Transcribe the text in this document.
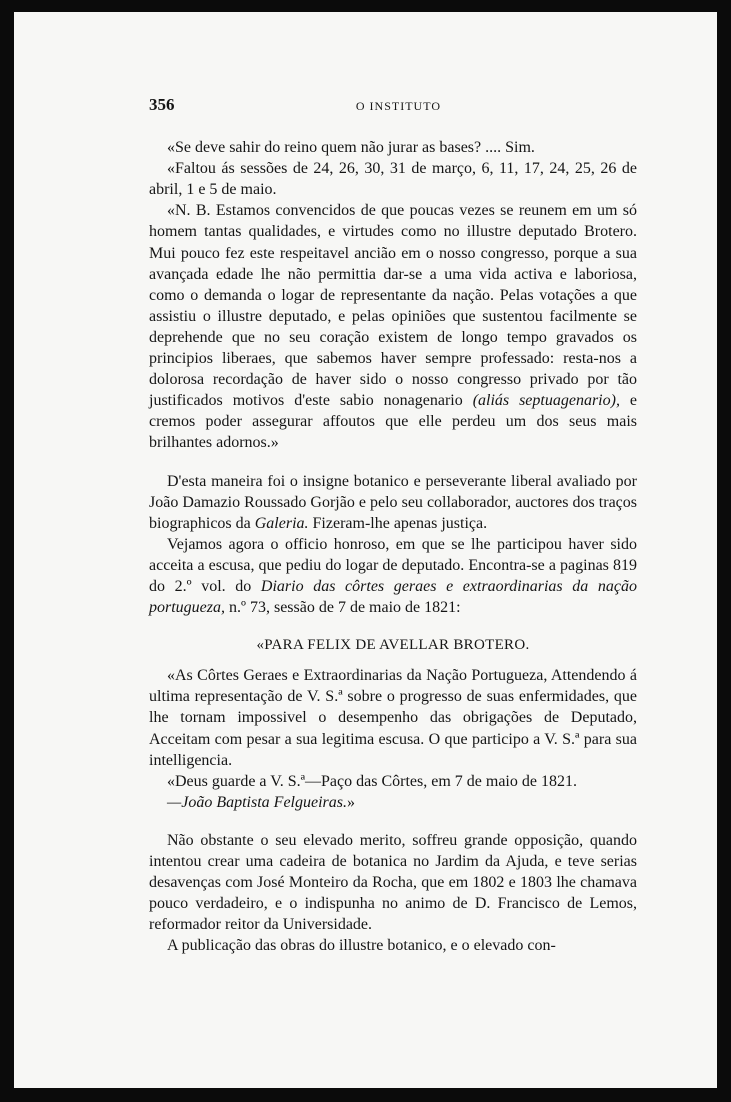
356	O INSTITUTO

«Se deve sahir do reino quem não jurar as bases? .... Sim.

«Faltou ás sessões de 24, 26, 30, 31 de março, 6, 11, 17, 24, 25, 26 de abril, 1 e 5 de maio.

«N. B. Estamos convencidos de que poucas vezes se reunem em um só homem tantas qualidades, e virtudes como no illustre deputado Brotero. Mui pouco fez este respeitavel ancião em o nosso congresso, porque a sua avançada edade lhe não permittia dar-se a uma vida activa e laboriosa, como o demanda o logar de representante da nação. Pelas votações a que assistiu o illustre deputado, e pelas opiniões que sustentou facilmente se deprehende que no seu coração existem de longo tempo gravados os principios liberaes, que sabemos haver sempre professado: resta-nos a dolorosa recordação de haver sido o nosso congresso privado por tão justificados motivos d'este sabio nonagenario (aliás septuagenario), e cremos poder assegurar affoutos que elle perdeu um dos seus mais brilhantes adornos.»

D'esta maneira foi o insigne botanico e perseverante liberal avaliado por João Damazio Roussado Gorjão e pelo seu collaborador, auctores dos traços biographicos da Galeria. Fizeram-lhe apenas justiça.

Vejamos agora o officio honroso, em que se lhe participou haver sido acceita a escusa, que pediu do logar de deputado. Encontra-se a paginas 819 do 2.º vol. do Diario das côrtes geraes e extraordinarias da nação portugueza, n.º 73, sessão de 7 de maio de 1821:

«PARA FELIX DE AVELLAR BROTERO.

«As Côrtes Geraes e Extraordinarias da Nação Portugueza, Attendendo á ultima representação de V. S.ª sobre o progresso de suas enfermidades, que lhe tornam impossivel o desempenho das obrigações de Deputado, Acceitam com pesar a sua legitima escusa. O que participo a V. S.ª para sua intelligencia.

«Deus guarde a V. S.ª—Paço das Côrtes, em 7 de maio de 1821.

—João Baptista Felgueiras.»

Não obstante o seu elevado merito, soffreu grande opposição, quando intentou crear uma cadeira de botanica no Jardim da Ajuda, e teve serias desavenças com José Monteiro da Rocha, que em 1802 e 1803 lhe chamava pouco verdadeiro, e o indispunha no animo de D. Francisco de Lemos, reformador reitor da Universidade.

A publicação das obras do illustre botanico, e o elevado con-
